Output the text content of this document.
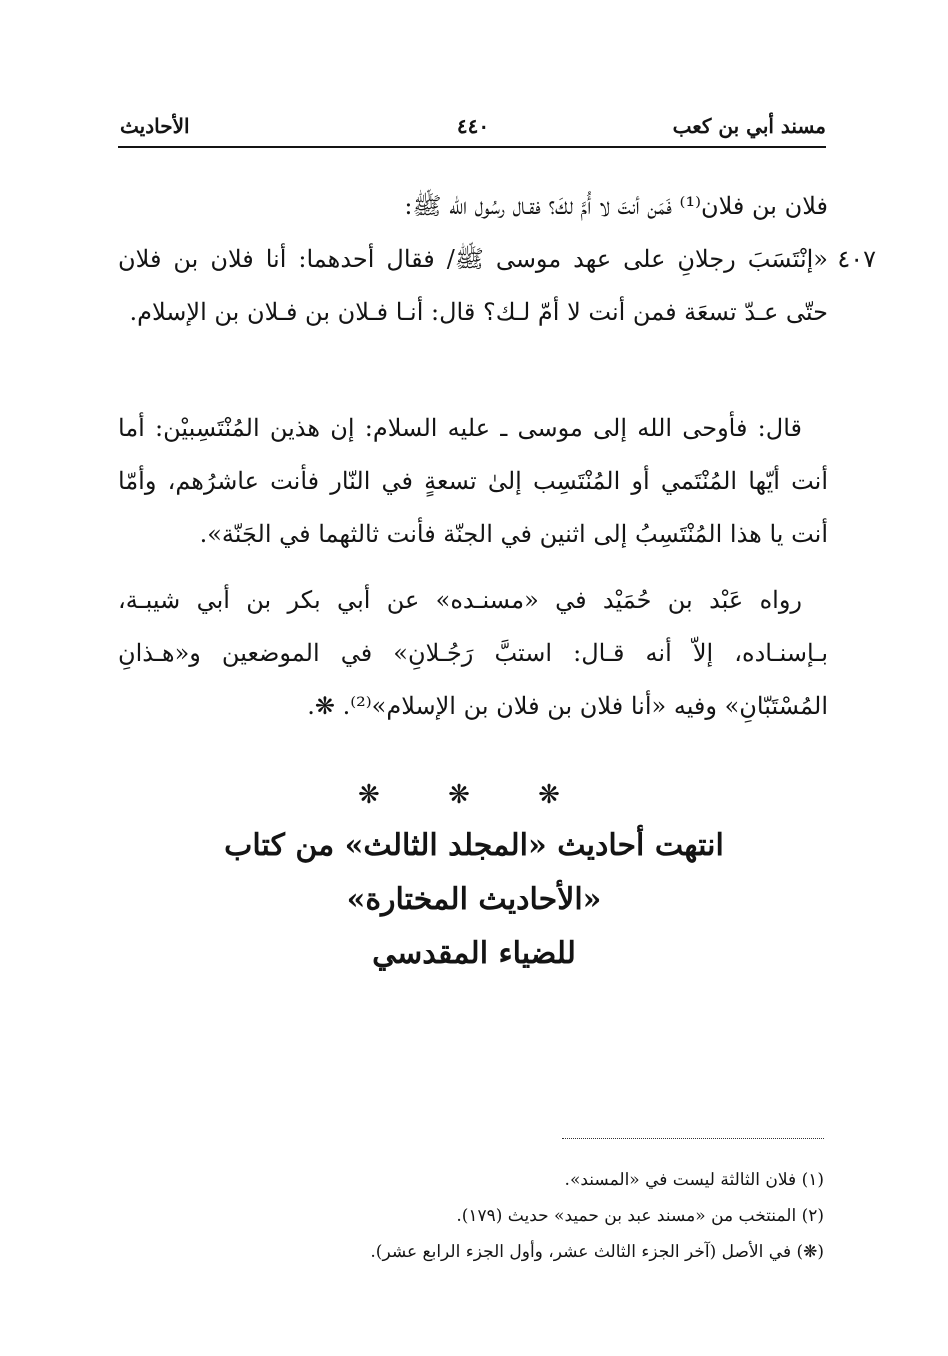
مسند أبي بن كعب
٤٤٠
الأحاديث

فلان بن فلان⁽¹⁾ فَمَن أنتَ لا أُمَّ لكَ؟ فقـال رسُول الله ﷺ:

٤٠٧

«إنْتَسَبَ رجلانِ على عهد موسى ﷺ/ فقال أحدهما: أنا فلان بن فلان حتّى عـدّ تسعَة فمن أنت لا أمّ لـك؟ قال: أنـا فـلان بن فـلان بن الإسلام.

قال: فأوحى الله إلى موسى ـ عليه السلام: إن هذين المُنْتَسِبيْن: أما أنت أيّها المُنْتَمي أو المُنْتَسِب إلىٰ تسعةٍ في النّار فأنت عاشرُهم، وأمّا أنت يا هذا المُنْتَسِبُ إلى اثنين في الجنّة فأنت ثالثهما في الجَنّة».

رواه عَبْد بن حُمَيْد في «مسنـده» عن أبي بكر بن أبي شيبـة، بـإسنـاده، إلاّ أنه قـال: استبَّ رَجُـلانِ» في الموضعين و«هـذانِ المُسْتَبّانِ» وفيه «أنا فلان بن فلان بن الإسلام»⁽²⁾. ❋.

❋ ❋ ❋
انتهت أحاديث «المجلد الثالث» من كتاب
«الأحاديث المختارة»
للضياء المقدسي

(١) فلان الثالثة ليست في «المسند».

(٢) المنتخب من «مسند عبد بن حميد» حديث (١٧٩).

(❋) في الأصل (آخر الجزء الثالث عشر، وأول الجزء الرابع عشر).
